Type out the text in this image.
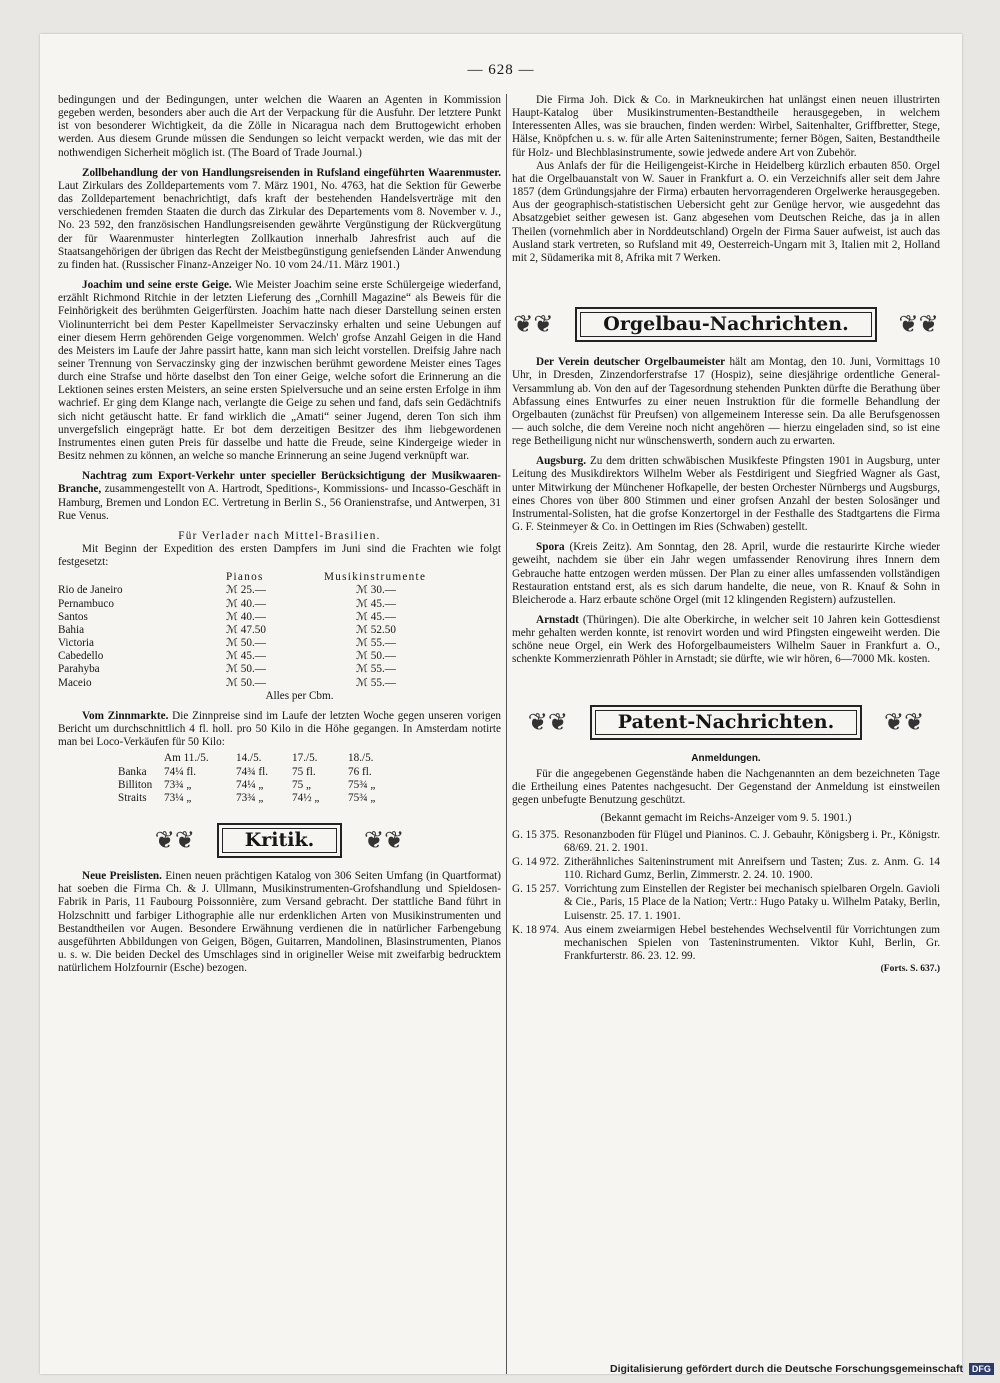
— 628 —

bedingungen und der Bedingungen, unter welchen die Waaren an Agenten in Kommission gegeben werden, besonders aber auch die Art der Verpackung für die Ausfuhr. Der letztere Punkt ist von besonderer Wichtigkeit, da die Zölle in Nicaragua nach dem Bruttogewicht erhoben werden. Aus diesem Grunde müssen die Sendungen so leicht verpackt werden, wie das mit der nothwendigen Sicherheit möglich ist. (The Board of Trade Journal.)

Zollbehandlung der von Handlungsreisenden in Rufsland eingeführten Waarenmuster. Laut Zirkulars des Zolldepartements vom 7. März 1901, No. 4763, hat die Sektion für Gewerbe das Zolldepartement benachrichtigt, dafs kraft der bestehenden Handelsverträge mit den verschiedenen fremden Staaten die durch das Zirkular des Departements vom 8. November v. J., No. 23 592, den französischen Handlungsreisenden gewährte Vergünstigung der Rückvergütung der für Waarenmuster hinterlegten Zollkaution innerhalb Jahresfrist auch auf die Staatsangehörigen der übrigen das Recht der Meistbegünstigung geniefsenden Länder Anwendung zu finden hat. (Russischer Finanz-Anzeiger No. 10 vom 24./11. März 1901.)

Joachim und seine erste Geige. Wie Meister Joachim seine erste Schülergeige wiederfand, erzählt Richmond Ritchie in der letzten Lieferung des „Cornhill Magazine“ als Beweis für die Feinhörigkeit des berühmten Geigerfürsten. Joachim hatte nach dieser Darstellung seinen ersten Violinunterricht bei dem Pester Kapellmeister Servaczinsky erhalten und seine Uebungen auf einer diesem Herrn gehörenden Geige vorgenommen. Welch' grofse Anzahl Geigen in die Hand des Meisters im Laufe der Jahre passirt hatte, kann man sich leicht vorstellen. Dreifsig Jahre nach seiner Trennung von Servaczinsky ging der inzwischen berühmt gewordene Meister eines Tages durch eine Strafse und hörte daselbst den Ton einer Geige, welche sofort die Erinnerung an die Lektionen seines ersten Meisters, an seine ersten Spielversuche und an seine ersten Erfolge in ihm wachrief. Er ging dem Klange nach, verlangte die Geige zu sehen und fand, dafs sein Gedächtnifs sich nicht getäuscht hatte. Er fand wirklich die „Amati“ seiner Jugend, deren Ton sich ihm unvergefslich eingeprägt hatte. Er bot dem derzeitigen Besitzer des ihm liebgewordenen Instrumentes einen guten Preis für dasselbe und hatte die Freude, seine Kindergeige wieder in Besitz nehmen zu können, an welche so manche Erinnerung an seine Jugend verknüpft war.

Nachtrag zum Export-Verkehr unter specieller Berücksichtigung der Musikwaaren-Branche, zusammengestellt von A. Hartrodt, Speditions-, Kommissions- und Incasso-Geschäft in Hamburg, Bremen und London EC. Vertretung in Berlin S., 56 Oranienstrafse, und Antwerpen, 31 Rue Venus.

Für Verlader nach Mittel-Brasilien.

Mit Beginn der Expedition des ersten Dampfers im Juni sind die Frachten wie folgt festgesetzt:

	Pianos	Musikinstrumente
Rio de Janeiro	ℳ 25.—	ℳ 30.—
Pernambuco	ℳ 40.—	ℳ 45.—
Santos	ℳ 40.—	ℳ 45.—
Bahia	ℳ 47.50	ℳ 52.50
Victoria	ℳ 50.—	ℳ 55.—
Cabedello	ℳ 45.—	ℳ 50.—
Parahyba	ℳ 50.—	ℳ 55.—
Maceio	ℳ 50.—	ℳ 55.—

Alles per Cbm.

Vom Zinnmarkte. Die Zinnpreise sind im Laufe der letzten Woche gegen unseren vorigen Bericht um durchschnittlich 4 fl. holl. pro 50 Kilo in die Höhe gegangen. In Amsterdam notirte man bei Loco-Verkäufen für 50 Kilo:

	Am 11./5.	14./5.	17./5.	18./5.
Banka	74¼ fl.	74¾ fl.	75 fl.	76 fl.
Billiton	73¾ „	74¼ „	75 „	75¾ „
Straits	73¼ „	73¾ „	74½ „	75¾ „
❦❦	Kritik.	❦❦

Neue Preislisten. Einen neuen prächtigen Katalog von 306 Seiten Umfang (in Quartformat) hat soeben die Firma Ch. & J. Ullmann, Musikinstrumenten-Grofshandlung und Spieldosen-Fabrik in Paris, 11 Faubourg Poissonnière, zum Versand gebracht. Der stattliche Band führt in Holzschnitt und farbiger Lithographie alle nur erdenklichen Arten von Musikinstrumenten und Bestandtheilen vor Augen. Besondere Erwähnung verdienen die in natürlicher Farbengebung ausgeführten Abbildungen von Geigen, Bögen, Guitarren, Mandolinen, Blasinstrumenten, Pianos u. s. w. Die beiden Deckel des Umschlages sind in origineller Weise mit zweifarbig bedrucktem natürlichem Holzfournir (Esche) bezogen.

Die Firma Joh. Dick & Co. in Markneukirchen hat unlängst einen neuen illustrirten Haupt-Katalog über Musikinstrumenten-Bestandtheile herausgegeben, in welchem Interessenten Alles, was sie brauchen, finden werden: Wirbel, Saitenhalter, Griffbretter, Stege, Hälse, Knöpfchen u. s. w. für alle Arten Saiteninstrumente; ferner Bögen, Saiten, Bestandtheile für Holz- und Blechblasinstrumente, sowie jedwede andere Art von Zubehör.

Aus Anlafs der für die Heiligengeist-Kirche in Heidelberg kürzlich erbauten 850. Orgel hat die Orgelbauanstalt von W. Sauer in Frankfurt a. O. ein Verzeichnifs aller seit dem Jahre 1857 (dem Gründungsjahre der Firma) erbauten hervorragenderen Orgelwerke herausgegeben. Aus der geographisch-statistischen Uebersicht geht zur Genüge hervor, wie ausgedehnt das Absatzgebiet seither gewesen ist. Ganz abgesehen vom Deutschen Reiche, das ja in allen Theilen (vornehmlich aber in Norddeutschland) Orgeln der Firma Sauer aufweist, ist auch das Ausland stark vertreten, so Rufsland mit 49, Oesterreich-Ungarn mit 3, Italien mit 2, Holland mit 2, Südamerika mit 8, Afrika mit 7 Werken.

❦❦	Orgelbau-Nachrichten.	❦❦

Der Verein deutscher Orgelbaumeister hält am Montag, den 10. Juni, Vormittags 10 Uhr, in Dresden, Zinzendorferstrafse 17 (Hospiz), seine diesjährige ordentliche General-Versammlung ab. Von den auf der Tagesordnung stehenden Punkten dürfte die Berathung über Abfassung eines Entwurfes zu einer neuen Instruktion für die formelle Behandlung der Orgelbauten (zunächst für Preufsen) von allgemeinem Interesse sein. Da alle Berufsgenossen — auch solche, die dem Vereine noch nicht angehören — hierzu eingeladen sind, so ist eine rege Betheiligung nicht nur wünschenswerth, sondern auch zu erwarten.

Augsburg. Zu dem dritten schwäbischen Musikfeste Pfingsten 1901 in Augsburg, unter Leitung des Musikdirektors Wilhelm Weber als Festdirigent und Siegfried Wagner als Gast, unter Mitwirkung der Münchener Hofkapelle, der besten Orchester Nürnbergs und Augsburgs, eines Chores von über 800 Stimmen und einer grofsen Anzahl der besten Solosänger und Instrumental-Solisten, hat die grofse Konzertorgel in der Festhalle des Stadtgartens die Firma G. F. Steinmeyer & Co. in Oettingen im Ries (Schwaben) gestellt.

Spora (Kreis Zeitz). Am Sonntag, den 28. April, wurde die restaurirte Kirche wieder geweiht, nachdem sie über ein Jahr wegen umfassender Renovirung ihres Innern dem Gebrauche hatte entzogen werden müssen. Der Plan zu einer alles umfassenden vollständigen Restauration entstand erst, als es sich darum handelte, die neue, von R. Knauf & Sohn in Bleicherode a. Harz erbaute schöne Orgel (mit 12 klingenden Registern) aufzustellen.

Arnstadt (Thüringen). Die alte Oberkirche, in welcher seit 10 Jahren kein Gottesdienst mehr gehalten werden konnte, ist renovirt worden und wird Pfingsten eingeweiht werden. Die schöne neue Orgel, ein Werk des Hoforgelbaumeisters Wilhelm Sauer in Frankfurt a. O., schenkte Kommerzienrath Pöhler in Arnstadt; sie dürfte, wie wir hören, 6—7000 Mk. kosten.

❦❦	Patent-Nachrichten.	❦❦

Anmeldungen.

Für die angegebenen Gegenstände haben die Nachgenannten an dem bezeichneten Tage die Ertheilung eines Patentes nachgesucht. Der Gegenstand der Anmeldung ist einstweilen gegen unbefugte Benutzung geschützt.

(Bekannt gemacht im Reichs-Anzeiger vom 9. 5. 1901.)

G. 15 375. Resonanzboden für Flügel und Pianinos. C. J. Gebauhr, Königsberg i. Pr., Königstr. 68/69. 21. 2. 1901.
G. 14 972. Zitherähnliches Saiteninstrument mit Anreifsern und Tasten; Zus. z. Anm. G. 14 110. Richard Gumz, Berlin, Zimmerstr. 2. 24. 10. 1900.
G. 15 257. Vorrichtung zum Einstellen der Register bei mechanisch spielbaren Orgeln. Gavioli & Cie., Paris, 15 Place de la Nation; Vertr.: Hugo Pataky u. Wilhelm Pataky, Berlin, Luisenstr. 25. 17. 1. 1901.
K. 18 974. Aus einem zweiarmigen Hebel bestehendes Wechselventil für Vorrichtungen zum mechanischen Spielen von Tasteninstrumenten. Viktor Kuhl, Berlin, Gr. Frankfurterstr. 86. 23. 12. 99.

(Forts. S. 637.)

Digitalisierung gefördert durch die Deutsche Forschungsgemeinschaft DFG
